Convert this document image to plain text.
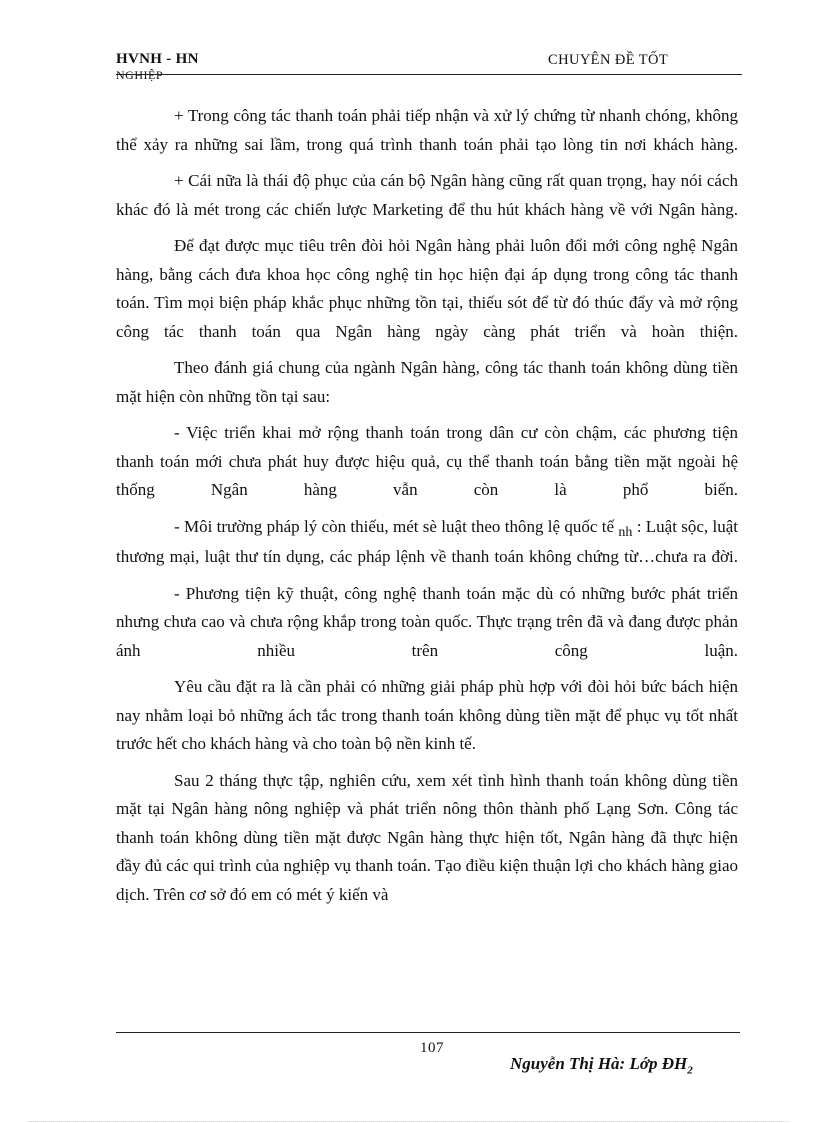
HVNH - HN
NGHIỆP
CHUYÊN ĐỀ TỐT

+ Trong công tác thanh toán phải tiếp nhận và xử lý chứng từ nhanh chóng, không thể xảy ra những sai lầm, trong quá trình thanh toán phải tạo lòng tin nơi khách hàng.

+ Cái nữa là thái độ phục của cán bộ Ngân hàng cũng rất quan trọng, hay nói cách khác đó là mét trong các chiến lược Marketing để thu hút khách hàng về với Ngân hàng.

Để đạt được mục tiêu trên đòi hỏi Ngân hàng phải luôn đổi mới công nghệ Ngân hàng, bằng cách đưa khoa học công nghệ tin học hiện đại áp dụng trong công tác thanh toán. Tìm mọi biện pháp khắc phục những tồn tại, thiếu sót để từ đó thúc đẩy và mở rộng công tác thanh toán qua Ngân hàng ngày càng phát triển và hoàn thiện.

Theo đánh giá chung của ngành Ngân hàng, công tác thanh toán không dùng tiền mặt hiện còn những tồn tại sau:

- Việc triển khai mở rộng thanh toán trong dân cư còn chậm, các phương tiện thanh toán mới chưa phát huy được hiệu quả, cụ thể thanh toán bằng tiền mặt ngoài hệ thống Ngân hàng vẫn còn là phổ biến.

- Môi trường pháp lý còn thiếu, mét sè luật theo thông lệ quốc tế $_{nh}$ : Luật sộc, luật thương mại, luật thư tín dụng, các pháp lệnh về thanh toán không chứng từ…chưa ra đời.

- Phương tiện kỹ thuật, công nghệ thanh toán mặc dù có những bước phát triển nhưng chưa cao và chưa rộng khắp trong toàn quốc. Thực trạng trên đã và đang được phản ánh nhiều trên công luận.

Yêu cầu đặt ra là cần phải có những giải pháp phù hợp với đòi hỏi bức bách hiện nay nhằm loại bỏ những ách tắc trong thanh toán không dùng tiền mặt để phục vụ tốt nhất trước hết cho khách hàng và cho toàn bộ nền kinh tế.

Sau 2 tháng thực tập, nghiên cứu, xem xét tình hình thanh toán không dùng tiền mặt tại Ngân hàng nông nghiệp và phát triển nông thôn thành phố Lạng Sơn. Công tác thanh toán không dùng tiền mặt được Ngân hàng thực hiện tốt, Ngân hàng đã thực hiện đầy đủ các qui trình của nghiệp vụ thanh toán. Tạo điều kiện thuận lợi cho khách hàng giao dịch. Trên cơ sở đó em có mét ý kiến và

107
Nguyễn Thị Hà: Lớp $ĐH_2$
